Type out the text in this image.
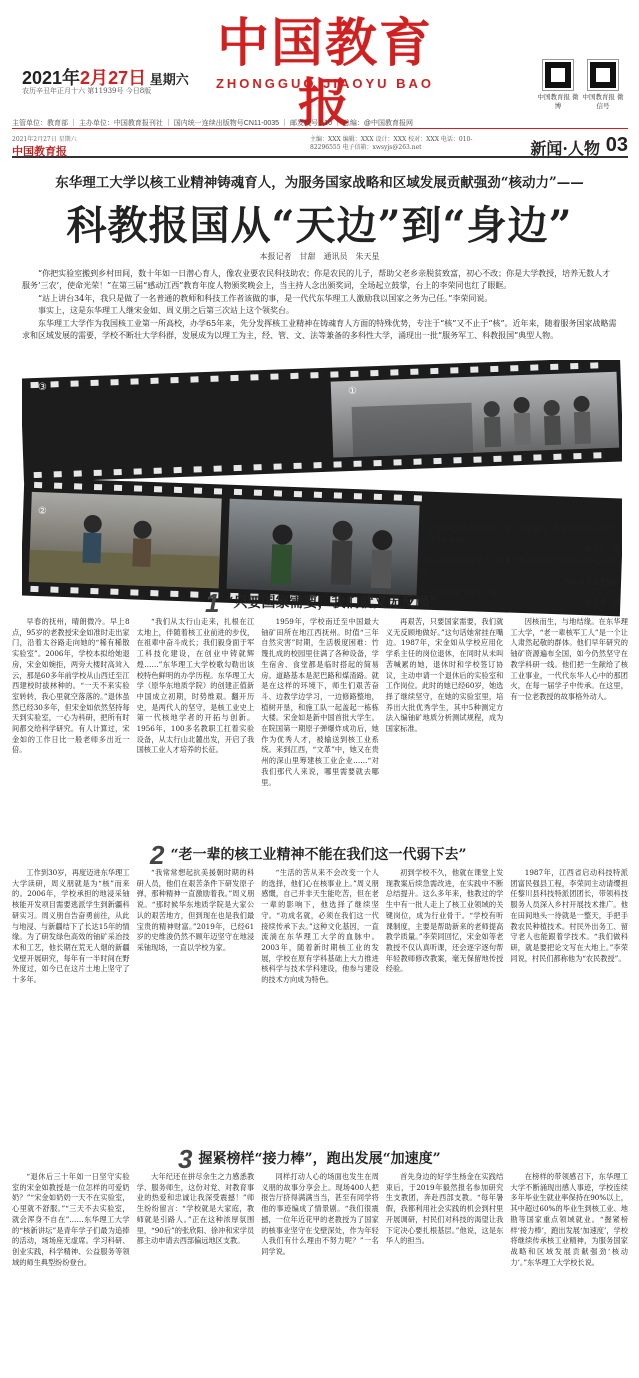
2021年2月27日 星期六
农历辛丑年正月十六 第11939号 今日8版
中国教育报
ZHONGGUO JIAOYU BAO
中国教育报 微博
中国教育报 微信号
主管单位：教育部 ｜ 主办单位：中国教育报刊社 ｜ 国内统一连续出版物号CN11-0035 ｜ 邮发代号1-10 ｜ 总编：@中国教育报网
2021年2月27日 星期六
中国教育报
主编：XXX 编辑：XXX 设计：XXX 校对：XXX 电话：010-82296555 电子信箱：xwsyjs@263.net	新闻·人物 03
东华理工大学以核工业精神铸魂育人，为服务国家战略和区域发展贡献强劲“核动力”——
科教报国从“天边”到“身边”
本报记者　甘甜　通讯员　朱天星

“你把实验室搬到乡村田间，数十年如一日潜心育人，像农业要农民科技助农；你是农民的儿子，帮助父老乡亲脱贫致富，初心不改；你是大学教授，培养无数人才服务‘三农’，使命光荣！”在第三届“感动江西”教育年度人物颁奖晚会上，当主持人念出颁奖词，全场起立鼓掌，台上的李荣同也红了眼眶。

“站上讲台34年，我只是做了一名普通的教师和科技工作者该做的事，是一代代东华理工人激励我以国家之务为己任。”李荣同说。

事实上，这是东华理工人继宋金如、周义朋之后第三次站上这个领奖台。

东华理工大学作为我国核工业第一所高校，办学65年来，先分发挥核工业精神在铸魂育人方面的特殊优势，专注于“核”又不止于“核”。近年来，随着服务国家战略需求和区域发展的需要，学校不断壮大学科群，发展成为以理工为主，经、管、文、法等兼备的多科性大学，涌现出一批“服务军工、科教报国”典型人物。

③	①
②

①江西省抚州市黎川县村小组一处凿棚内，李荣同教授正在给学生讲授专业知识。

朱天星　摄

②周义朋教授带领学生在新疆大漠进开展微生物地浸采铀技术研究。

图片由受访者提供

③宋金如教授与学生交流。

朱思透　摄

1 “只要国家需要，我们就义无反顾”
早春的抚州，晴朗微冷。早上8点，95岁的老教授宋金如准时走出家门，沿着太谷路走向她的“稀有稀散实验室”。2006年，学校本拟给她退房，宋金如婉拒，两旁大楼时高耸入云，那是60多年前学校从山西迁至江西建校时拔林种的。“一天不来实验室转转，我心里就空落落的。”退休虽然已经30多年，但宋金如依然坚持每天到实验室，一心为科研，把所有时间都交给科学研究。有人计算过，宋金如的工作日比一般老师多出近一倍。
“我们从太行山走来，扎根在江太地上，伴随着核工业前进的步伐，在祖辈中奋斗成长；我们毅身面于军工科技化建设，在创业中铸就辉煌……”东华理工大学校歌勾勒出该校特色鲜明的办学历程。东华理工大学（原华东地质学院）的创建正值新中国成立初期，时势维艰。翻开历史，是两代人的坚守，是核工业史上第一代核地学者的开拓与创新。1956年，100多名教职工扛着实验设备，从太行山北麓出发，开启了我国核工业人才培养的长征。
1959年，学校南迁至中国最大铀矿田所在地江西抚州。时值“三年自然灾害”时期，生活极度困难：竹篾扎成的校园里住满了各种设备，学生宿舍、食堂都是临时搭起的简易房。道路基本是泥巴路和煤渣路。就是在这样的环境下，师生们艰苦奋斗、边教学边学习，一边修路整地，植树开垦，和施工队一起盖起一栋栋大楼。宋金如是新中国首批大学生。在院国第一期原子弹爆炸成功后，她作为优秀人才，被输送到核工业系统。来到江西，“文革”中，她又在贵州的深山里筹建核工业企业……“对我们那代人来说，哪里需要就去哪里。
再艰苦，只要国家需要，我们就义无反顾地做好。”这句话她常挂在嘴边。1987年，宋金如从学校应用化学系主任的岗位退休，在同时从未叫苦喊累的她，退休时和学校签订协议，主动申请一个退休后的实验室和工作岗位。此时的她已经60岁，她选择了继续坚守，在她的实验室里，培养出大批优秀学生，其中5种测定方法入编铀矿地质分析测试规程，成为国家标准。
因核而生，与地结缘。在东华理工大学，“老一辈核军工人”是一个让人肃然起敬的群体。他们早年研究的铀矿资源遍布全国，如今仍然坚守在教学科研一线。他们把一生献给了核工业事业，一代代东华人心中的那团火，在每一届学子中传承。在这里，有一位老教授的故事格外动人。
2 “老一辈的核工业精神不能在我们这一代弱下去”
工作到30岁，再度迈进东华理工大学读研，周义朋就是为“核”而来的。2006年，学校承担的地浸采铀核能开发项目需要逃派学生到新疆科研实习。周义朋自告奋勇前往，从此与地浸、与新疆结下了长达15年的情缘。为了研发绿色高效的铀矿采冶技术和工艺，他长期在荒无人烟的新疆戈壁开展研究，每年有一半时间在野外度过，如今已在这片土地上坚守了十多年。
“我常常想起抗美援朝时期的科研人员，他们在艰苦条件下研发原子弹，那种精神一直激励着我。”周义朋说。“那时候华东地质学院是大家公认的艰苦地方，但到现在也是我们最宝贵的精神财富。”2019年，已经61岁的史维浚仍然不顾年迈坚守在地浸采铀现场，一直以学校为家。
“生活的苦从来不会改变一个人的选择，他们心在核事业上。”周义朋感慨，自己并非天生能吃苦，但在老一辈的影响下，他选择了继续坚守。“功成名就，必须在我们这一代接续传承下去。”这种文化基因，一直流淌在东华理工大学的血脉中。2003年，随着新时期核工业的发展，学校在原有学科基础上大力推进核科学与技术学科建设，他参与建设的技术方向成为特色。
初到学校不久，他就在课堂上发现教案后续急需改进，在实践中不断总结提升。这么多年来，他教过的学生中有一批人走上了核工业领域的关键岗位，成为行业骨干。“学校有听课制度，主要是帮助新来的老师提高教学质量。”李荣同回忆，宋金如等老教授不仅认真听课，还会逐字逐句帮年轻教师修改教案，毫无保留地传授经验。
1987年，江西省启动科技特派团富民强县工程，李荣同主动请缨担任黎川县科技特派团团长，带领科技服务人员深入乡村开展技术推广。他在田间地头一待就是一整天，手把手教农民种植技术。村民外出务工、留守老人也能跟着学技术。“我们做科研，就是要把论文写在大地上。”李荣同说，村民们都称他为“农民教授”。
3 握紧榜样“接力棒”，跑出发展“加速度”
“退休后三十年如一日坚守实验室的宋金如教授是一位怎样的可爱奶奶？”“宋金如奶奶一天不在实验室，心里就不舒服。”“三天不去实验室，就会浑身不自在”……东华理工大学的“核新讲坛”是青年学子们最为追捧的活动，场场座无虚席。学习科研、创业实践，科学精神、公益服务等领域的师生典型纷纷登台。
大年纪还在拼尽余生之力感悉教学、服务师生，这份对党、对教育事业的热爱和忠诚让我深受震撼！”师生纷纷留言：“学校就是大家庭，教师就是引路人。”正在这种浓厚氛围里，“90后”的张欣阳、徐冲和宋学员都主动申请去西部偏远地区支教。
同样打动人心的场面也发生在周义朋的故事分享会上。现场400人把报告厅挤得满满当当，甚至有同学将他的事迹编成了情景剧。“我们很震撼，一位年近花甲的老教授为了国家的核事业坚守在戈壁深处，作为年轻人我们有什么理由不努力呢？”一名同学说。
首先身边的好学生杨金在实践结束后，于2019年毅然报名参加研究生支教团，奔赴西部支教。“每年暑假，我都利用社会实践的机会到村里开展调研，村民们对科技的渴望让我下定决心要扎根基层。”他说，这是东华人的担当。
在榜样的带领感召下，东华理工大学不断涌现出感人事迹，学校连续多年毕业生就业率保持在90%以上，其中超过60%的毕业生到核工业、地勘等国家重点领域就业。“握紧榜样‘接力棒’，跑出发展‘加速度’，学校将继续传承核工业精神，为服务国家战略和区域发展贡献强劲‘核动力’。”东华理工大学校长说。
